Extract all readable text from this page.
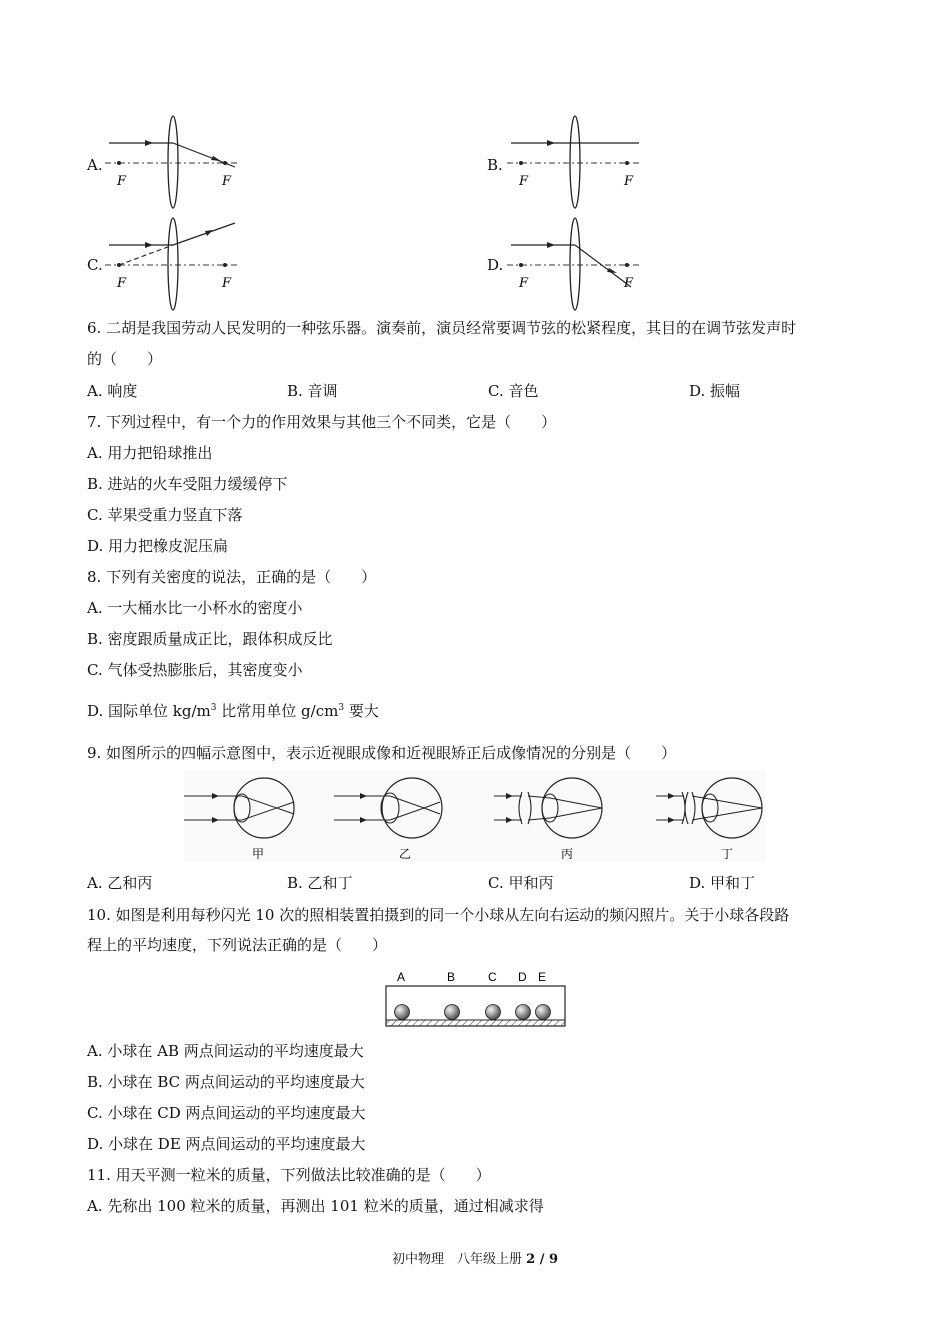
A.
F	F
B.
F	F
C.
F	F
D.
F	F
6. 二胡是我国劳动人民发明的一种弦乐器。演奏前，演员经常要调节弦的松紧程度，其目的在调节弦发声时
的（　　）
A. 响度	B. 音调	C. 音色	D. 振幅
7. 下列过程中，有一个力的作用效果与其他三个不同类，它是（　　）
A. 用力把铅球推出
B. 进站的火车受阻力缓缓停下
C. 苹果受重力竖直下落
D. 用力把橡皮泥压扁
8. 下列有关密度的说法，正确的是（　　）
A. 一大桶水比一小杯水的密度小
B. 密度跟质量成正比，跟体积成反比
C. 气体受热膨胀后，其密度变小
D. 国际单位 $kg/m^3$ 比常用单位 $g/cm^3$ 要大
9. 如图所示的四幅示意图中，表示近视眼成像和近视眼矫正后成像情况的分别是（　　）
甲	乙	丙	丁
A. 乙和丙	B. 乙和丁	C. 甲和丙	D. 甲和丁
10. 如图是利用每秒闪光 10 次的照相装置拍摄到的同一个小球从左向右运动的频闪照片。关于小球各段路
程上的平均速度，下列说法正确的是（　　）
A	B	C D E
A. 小球在 AB 两点间运动的平均速度最大
B. 小球在 BC 两点间运动的平均速度最大
C. 小球在 CD 两点间运动的平均速度最大
D. 小球在 DE 两点间运动的平均速度最大
11. 用天平测一粒米的质量，下列做法比较准确的是（　　）
A. 先称出 100 粒米的质量，再测出 101 粒米的质量，通过相减求得
初中物理　八年级上册 2 / 9
